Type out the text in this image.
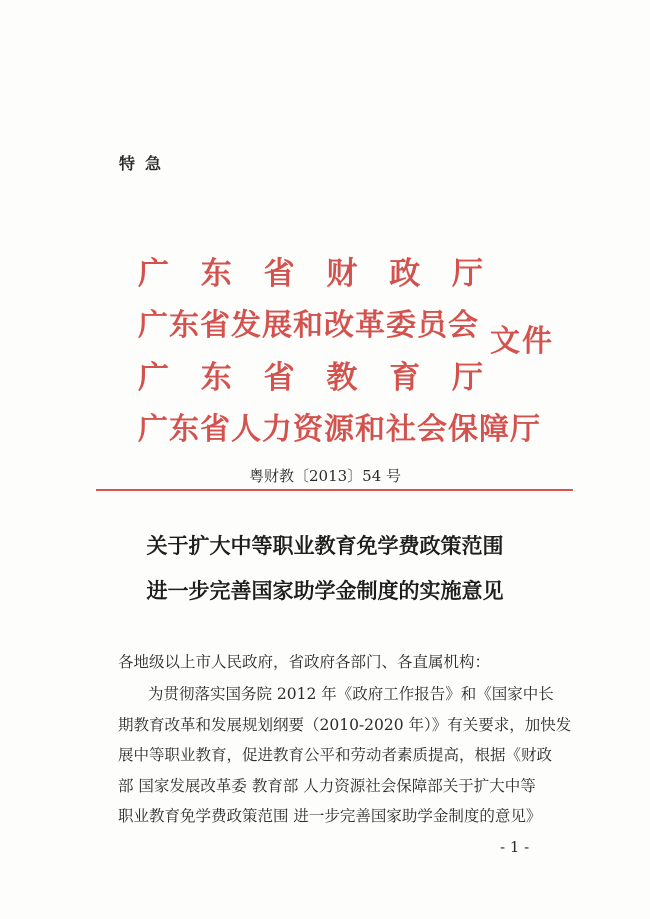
特急
广 东 省 财 政 厅
广东省发展和改革委员会
广 东 省 教 育 厅
广东省人力资源和社会保障厅
文件
粤财教〔2013〕54 号
关于扩大中等职业教育免学费政策范围
进一步完善国家助学金制度的实施意见
各地级以上市人民政府，省政府各部门、各直属机构：
为贯彻落实国务院 2012 年《政府工作报告》和《国家中长
期教育改革和发展规划纲要（2010-2020 年）》有关要求，加快发
展中等职业教育，促进教育公平和劳动者素质提高，根据《财政
部 国家发展改革委 教育部 人力资源社会保障部关于扩大中等
职业教育免学费政策范围 进一步完善国家助学金制度的意见》
- 1 -
